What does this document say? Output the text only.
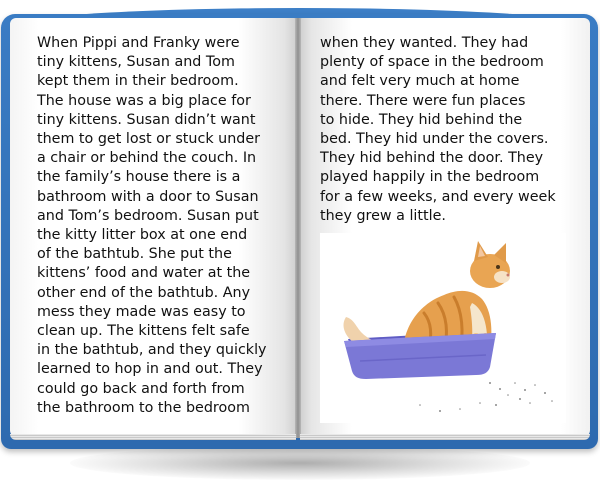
When Pippi and Franky were
tiny kittens, Susan and Tom
kept them in their bedroom.
The house was a big place for
tiny kittens. Susan didn’t want
them to get lost or stuck under
a chair or behind the couch. In
the family’s house there is a
bathroom with a door to Susan
and Tom’s bedroom. Susan put
the kitty litter box at one end
of the bathtub. She put the
kittens’ food and water at the
other end of the bathtub. Any
mess they made was easy to
clean up. The kittens felt safe
in the bathtub, and they quickly
learned to hop in and out. They
could go back and forth from
the bathroom to the bedroom

when they wanted. They had
plenty of space in the bedroom
and felt very much at home
there. There were fun places
to hide. They hid behind the
bed. They hid under the covers.
They hid behind the door. They
played happily in the bedroom
for a few weeks, and every week
they grew a little.
